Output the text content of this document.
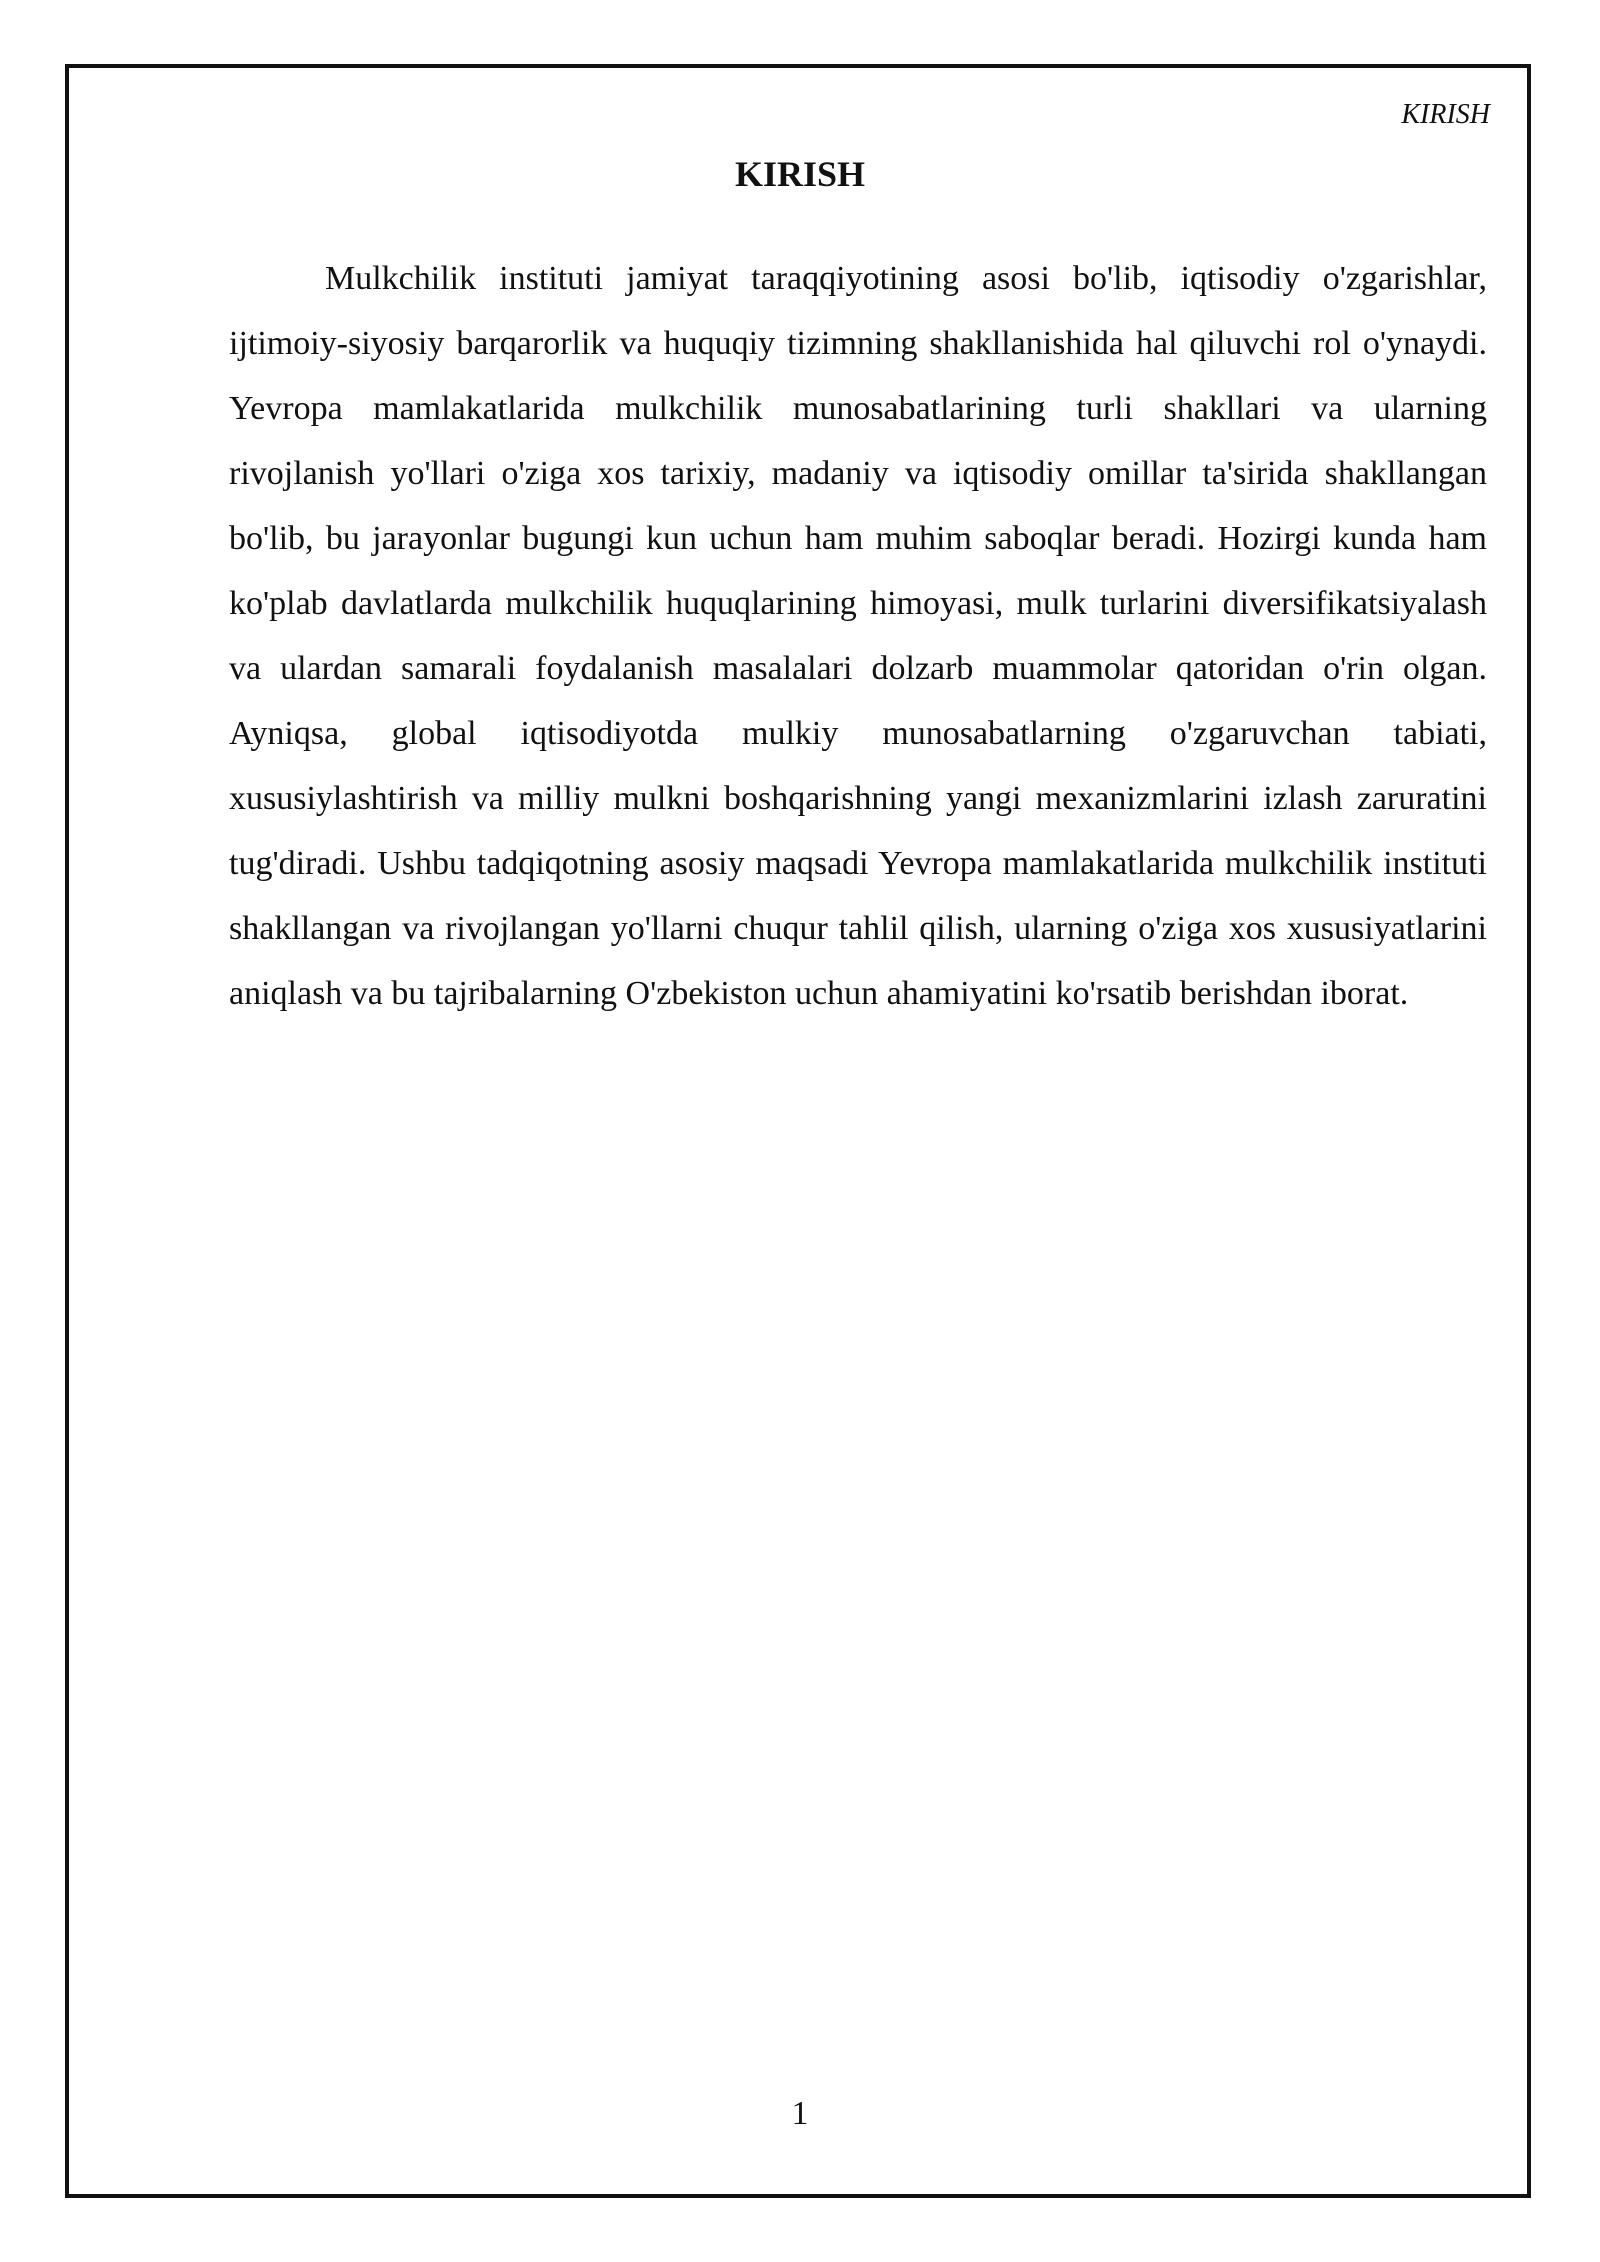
KIRISH
KIRISH

Mulkchilik instituti jamiyat taraqqiyotining asosi bo'lib, iqtisodiy o'zgarishlar, ijtimoiy-siyosiy barqarorlik va huquqiy tizimning shakllanishida hal qiluvchi rol o'ynaydi. Yevropa mamlakatlarida mulkchilik munosabatlarining turli shakllari va ularning rivojlanish yo'llari o'ziga xos tarixiy, madaniy va iqtisodiy omillar ta'sirida shakllangan bo'lib, bu jarayonlar bugungi kun uchun ham muhim saboqlar beradi. Hozirgi kunda ham ko'plab davlatlarda mulkchilik huquqlarining himoyasi, mulk turlarini diversifikatsiyalash va ulardan samarali foydalanish masalalari dolzarb muammolar qatoridan o'rin olgan. Ayniqsa, global iqtisodiyotda mulkiy munosabatlarning o'zgaruvchan tabiati, xususiylashtirish va milliy mulkni boshqarishning yangi mexanizmlarini izlash zaruratini tug'diradi. Ushbu tadqiqotning asosiy maqsadi Yevropa mamlakatlarida mulkchilik instituti shakllangan va rivojlangan yo'llarni chuqur tahlil qilish, ularning o'ziga xos xususiyatlarini aniqlash va bu tajribalarning O'zbekiston uchun ahamiyatini ko'rsatib berishdan iborat.

1
